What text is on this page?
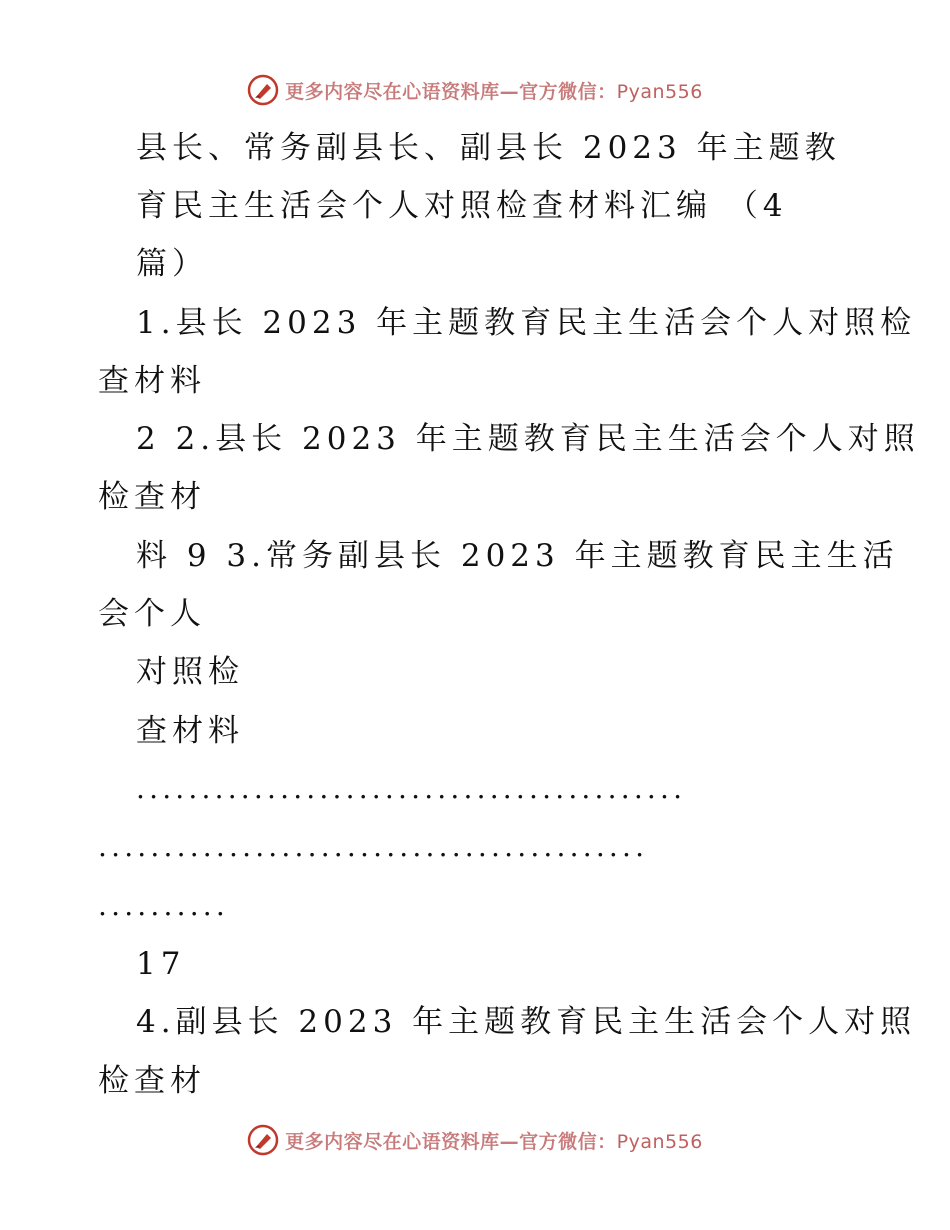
更多内容尽在心语资料库—官方微信：Pyan556
县长、常务副县长、副县长 2023 年主题教
育民主生活会个人对照检查材料汇编 （4
篇）
1.县长 2023 年主题教育民主生活会个人对照检
查材料
2 2.县长 2023 年主题教育民主生活会个人对照
检查材
料 9 3.常务副县长 2023 年主题教育民主生活
会个人
对照检
查材料
..........................................
..........................................
..........
17
4.副县长 2023 年主题教育民主生活会个人对照
检查材
更多内容尽在心语资料库—官方微信：Pyan556
